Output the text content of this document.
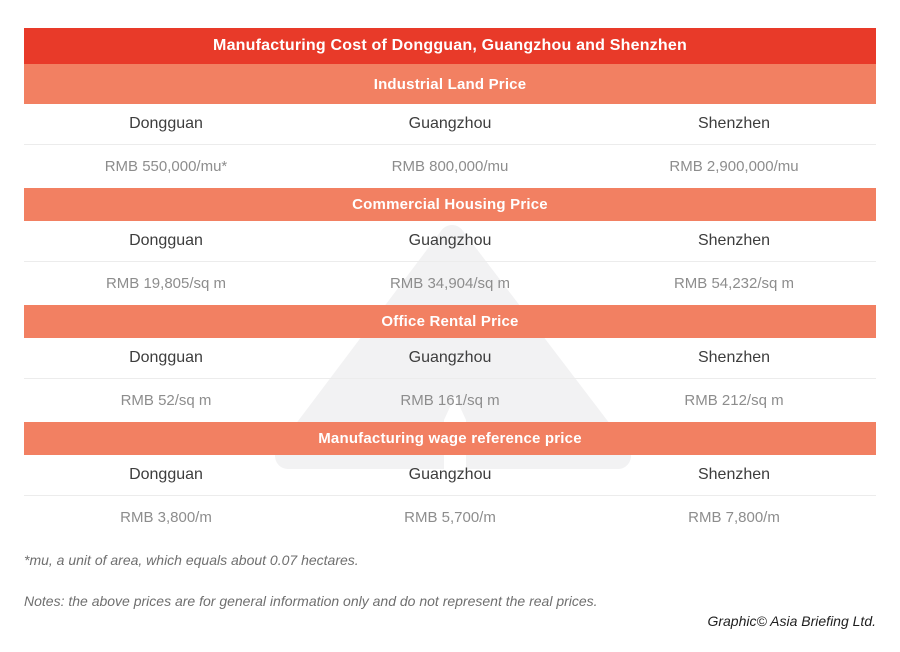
Manufacturing Cost of Dongguan, Guangzhou and Shenzhen
Industrial Land Price
Dongguan	Guangzhou	Shenzhen
RMB 550,000/mu*	RMB 800,000/mu	RMB 2,900,000/mu
Commercial Housing Price
Dongguan	Guangzhou	Shenzhen
RMB 19,805/sq m	RMB 34,904/sq m	RMB 54,232/sq m
Office Rental Price
Dongguan	Guangzhou	Shenzhen
RMB 52/sq m	RMB 161/sq m	RMB 212/sq m
Manufacturing wage reference price
Dongguan	Guangzhou	Shenzhen
RMB 3,800/m	RMB 5,700/m	RMB 7,800/m
*mu, a unit of area, which equals about 0.07 hectares.
Notes: the above prices are for general information only and do not represent the real prices.
Graphic© Asia Briefing Ltd.
